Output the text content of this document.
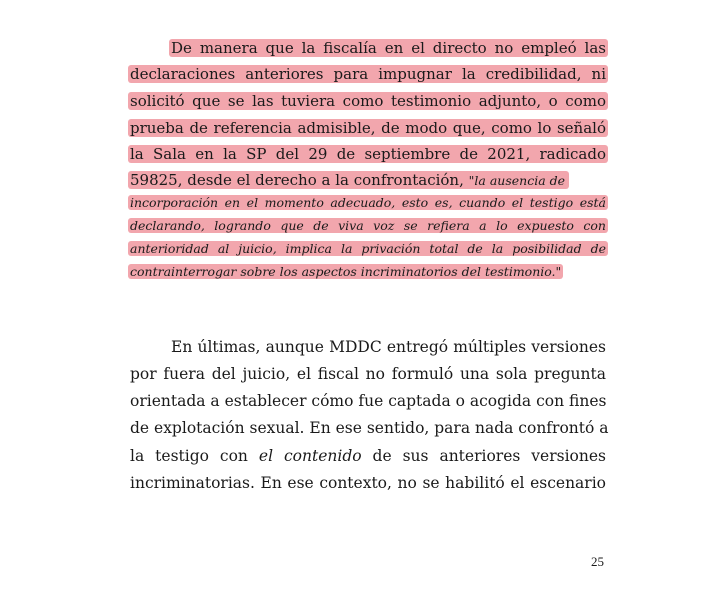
De manera que la fiscalía en el directo no empleó las
declaraciones anteriores para impugnar la credibilidad, ni
solicitó que se las tuviera como testimonio adjunto, o como
prueba de referencia admisible, de modo que, como lo señaló
la Sala en la SP del 29 de septiembre de 2021, radicado
59825, desde el derecho a la confrontación, "la ausencia de
incorporación en el momento adecuado, esto es, cuando el testigo está
declarando, logrando que de viva voz se refiera a lo expuesto con
anterioridad al juicio, implica la privación total de la posibilidad de
contrainterrogar sobre los aspectos incriminatorios del testimonio."
En últimas, aunque MDDC entregó múltiples versiones
por fuera del juicio, el fiscal no formuló una sola pregunta
orientada a establecer cómo fue captada o acogida con fines
de explotación sexual. En ese sentido, para nada confrontó a
la testigo con el contenido de sus anteriores versiones
incriminatorias. En ese contexto, no se habilitó el escenario
25
